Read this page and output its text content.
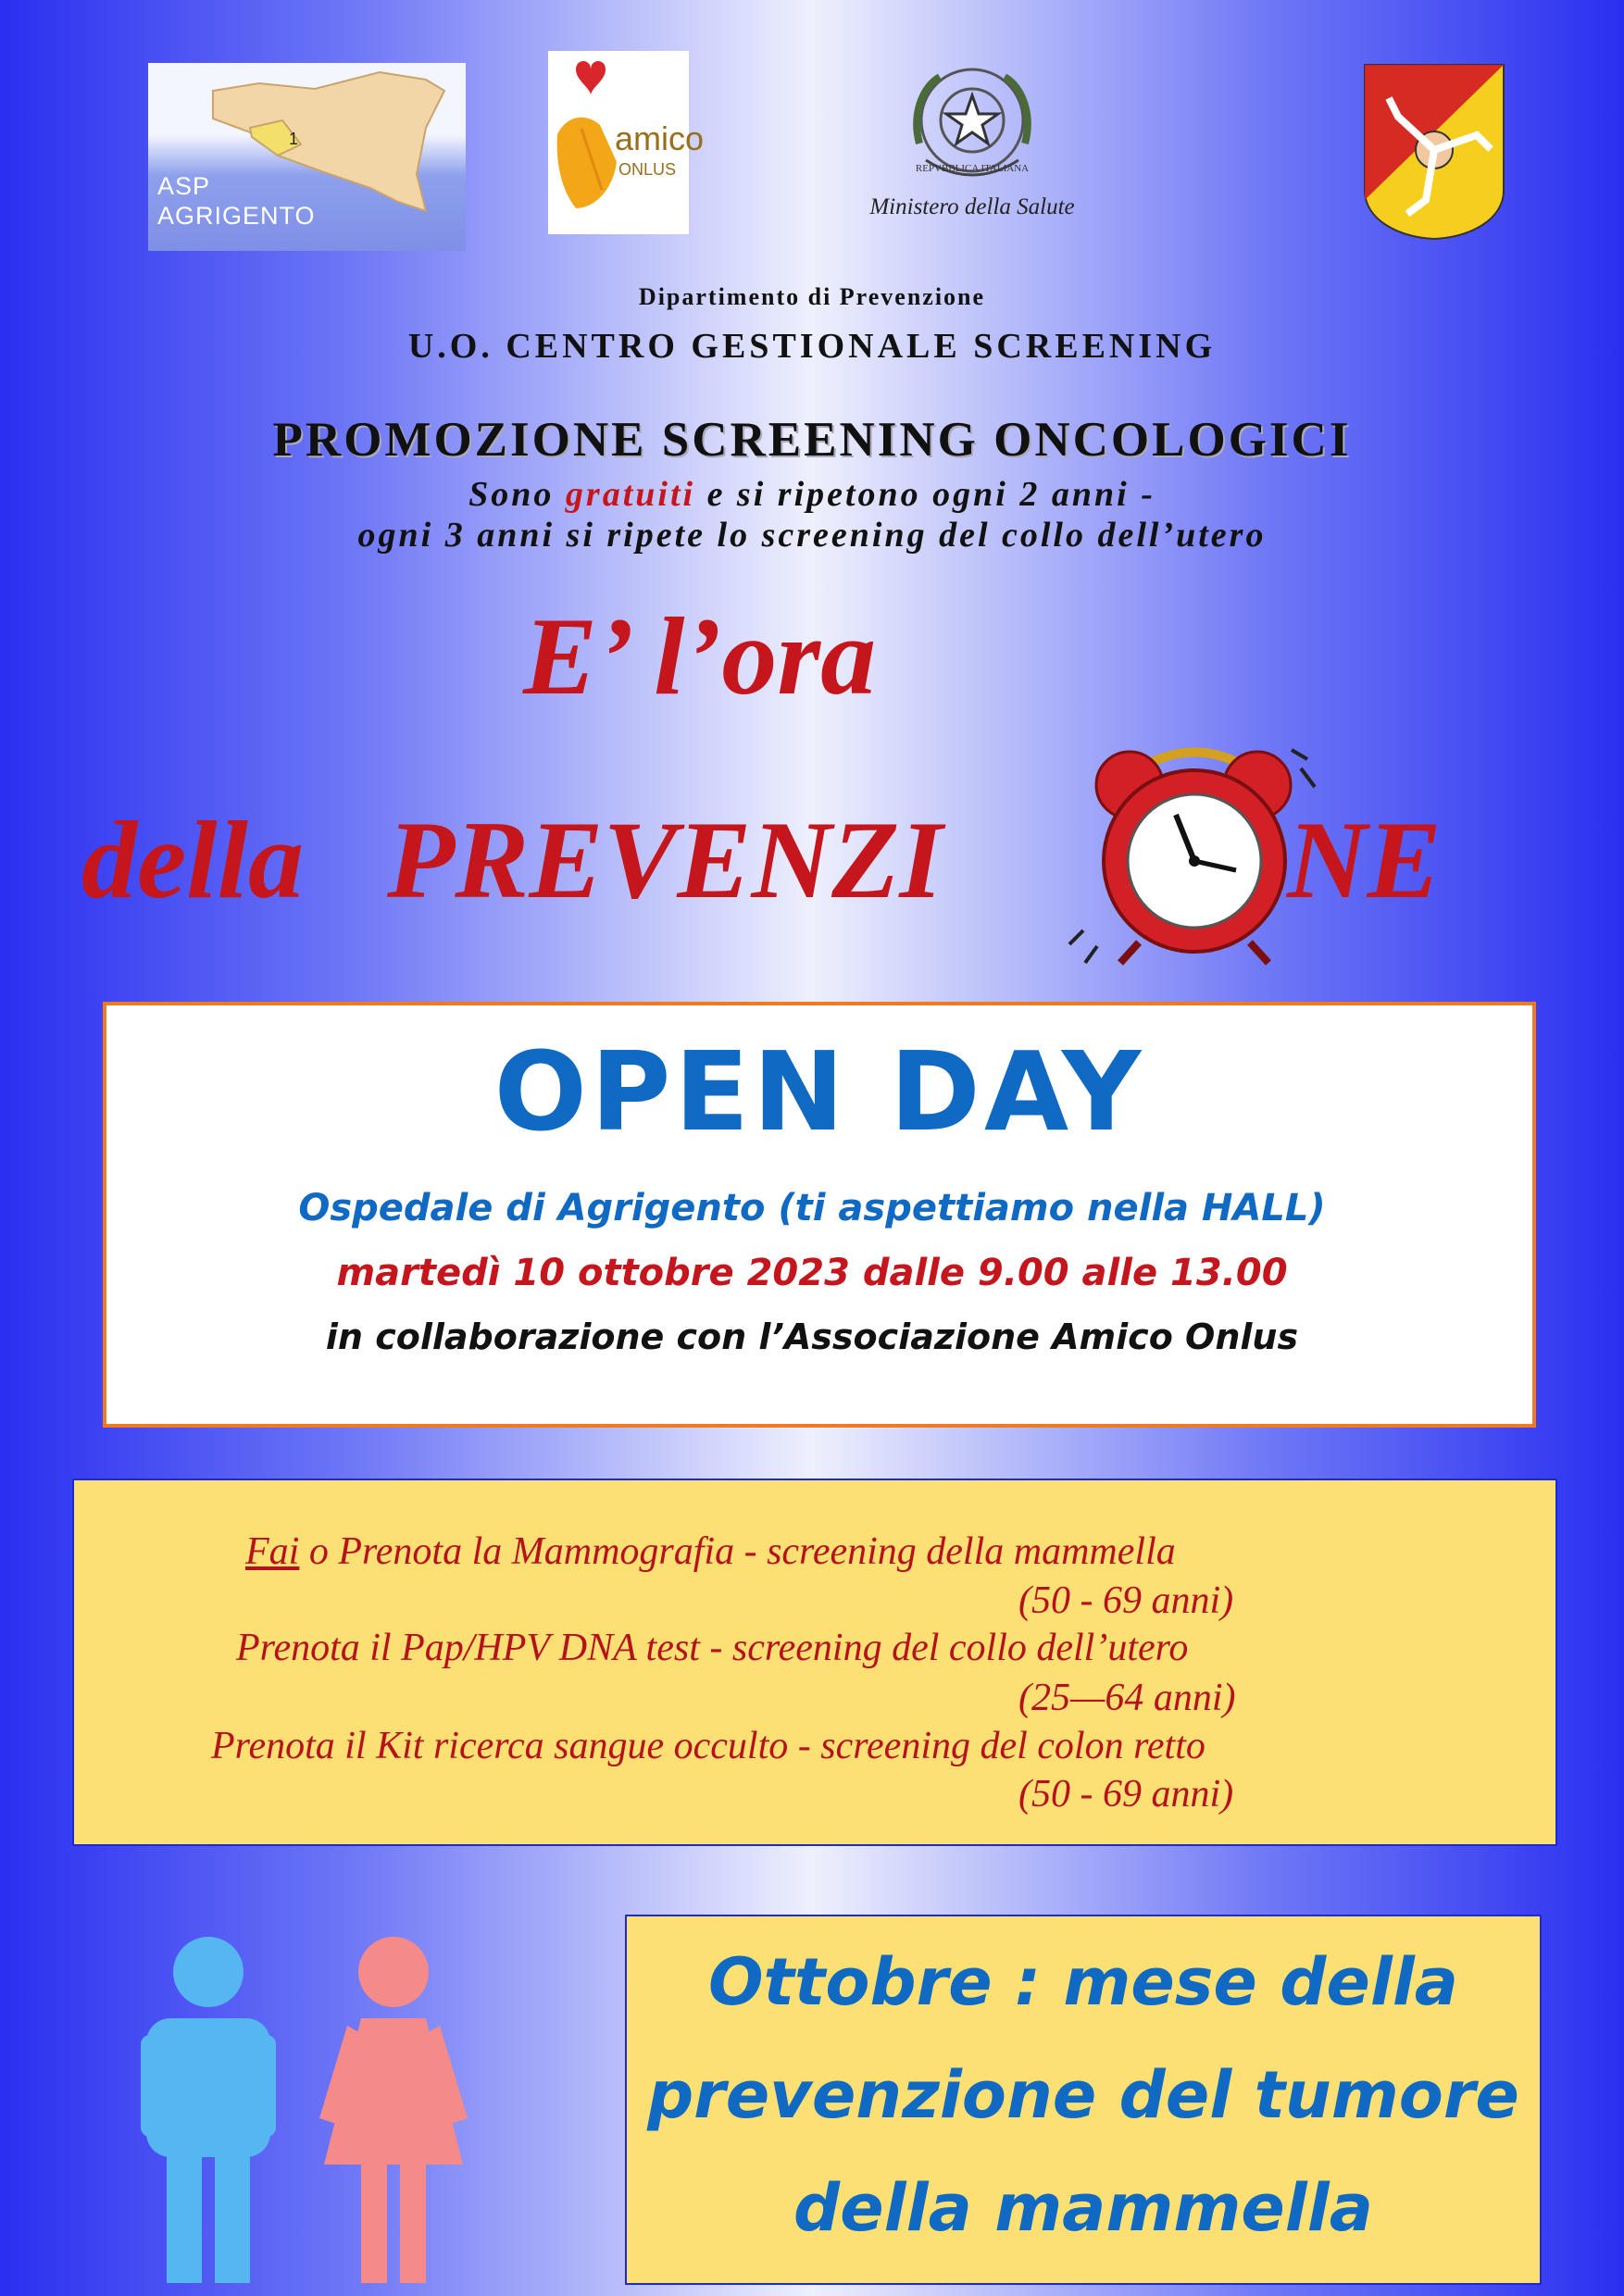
1
ASP
AGRIGENTO
amico
ONLUS	REPVBBLICA ITALIANA
Ministero della Salute
Dipartimento di Prevenzione
U.O. CENTRO GESTIONALE SCREENING
PROMOZIONE SCREENING ONCOLOGICI
Sono gratuiti e si ripetono ogni 2 anni -
ogni 3 anni si ripete lo screening del collo dell’utero
E’ l’ora
della PREVENZI	NE
OPEN DAY
Ospedale di Agrigento (ti aspettiamo nella HALL)
martedì 10 ottobre 2023 dalle 9.00 alle 13.00
in collaborazione con l’Associazione Amico Onlus
Fai o Prenota la Mammografia - screening della mammella
(50 - 69 anni)
Prenota il Pap/HPV DNA test - screening del collo dell’utero
(25—64 anni)
Prenota il Kit ricerca sangue occulto - screening del colon retto
(50 - 69 anni)
Ottobre : mese della
prevenzione del tumore
della mammella
